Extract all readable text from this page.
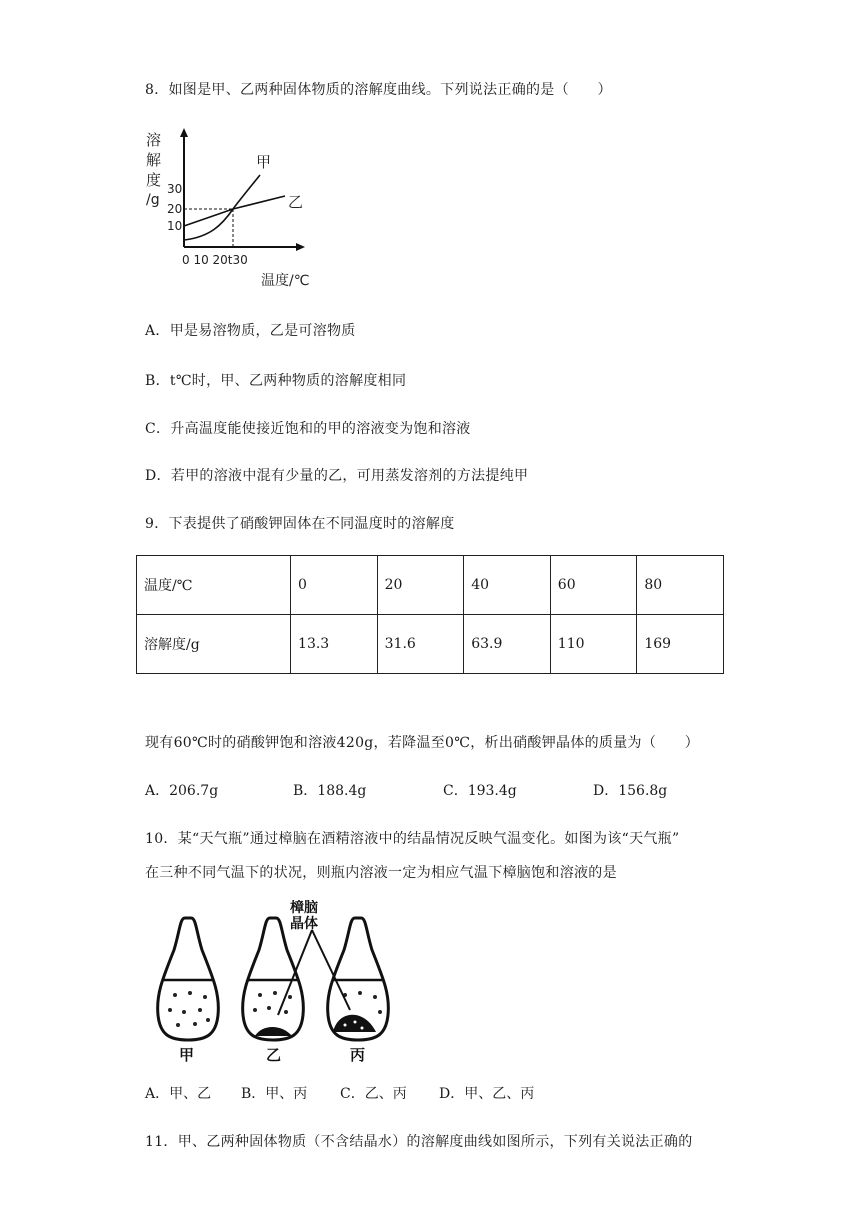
8．如图是甲、乙两种固体物质的溶解度曲线。下列说法正确的是（　　）
溶
解
度
/g
30
20
10
甲
乙
0 10 20t30
温度/℃
A．甲是易溶物质，乙是可溶物质
B．t℃时，甲、乙两种物质的溶解度相同
C．升高温度能使接近饱和的甲的溶液变为饱和溶液
D．若甲的溶液中混有少量的乙，可用蒸发溶剂的方法提纯甲
9．下表提供了硝酸钾固体在不同温度时的溶解度
温度/℃	0	20	40	60	80
溶解度/g	13.3	31.6	63.9	110	169
现有60℃时的硝酸钾饱和溶液420g，若降温至0℃，析出硝酸钾晶体的质量为（　　）
A．206.7g	B．188.4g	C．193.4g	D．156.8g
10．某“天气瓶”通过樟脑在酒精溶液中的结晶情况反映气温变化。如图为该“天气瓶”
在三种不同气温下的状况，则瓶内溶液一定为相应气温下樟脑饱和溶液的是
樟脑
晶体
甲	乙	丙
A．甲、乙 B．甲、丙 C．乙、丙 D．甲、乙、丙
11．甲、乙两种固体物质（不含结晶水）的溶解度曲线如图所示，下列有关说法正确的
